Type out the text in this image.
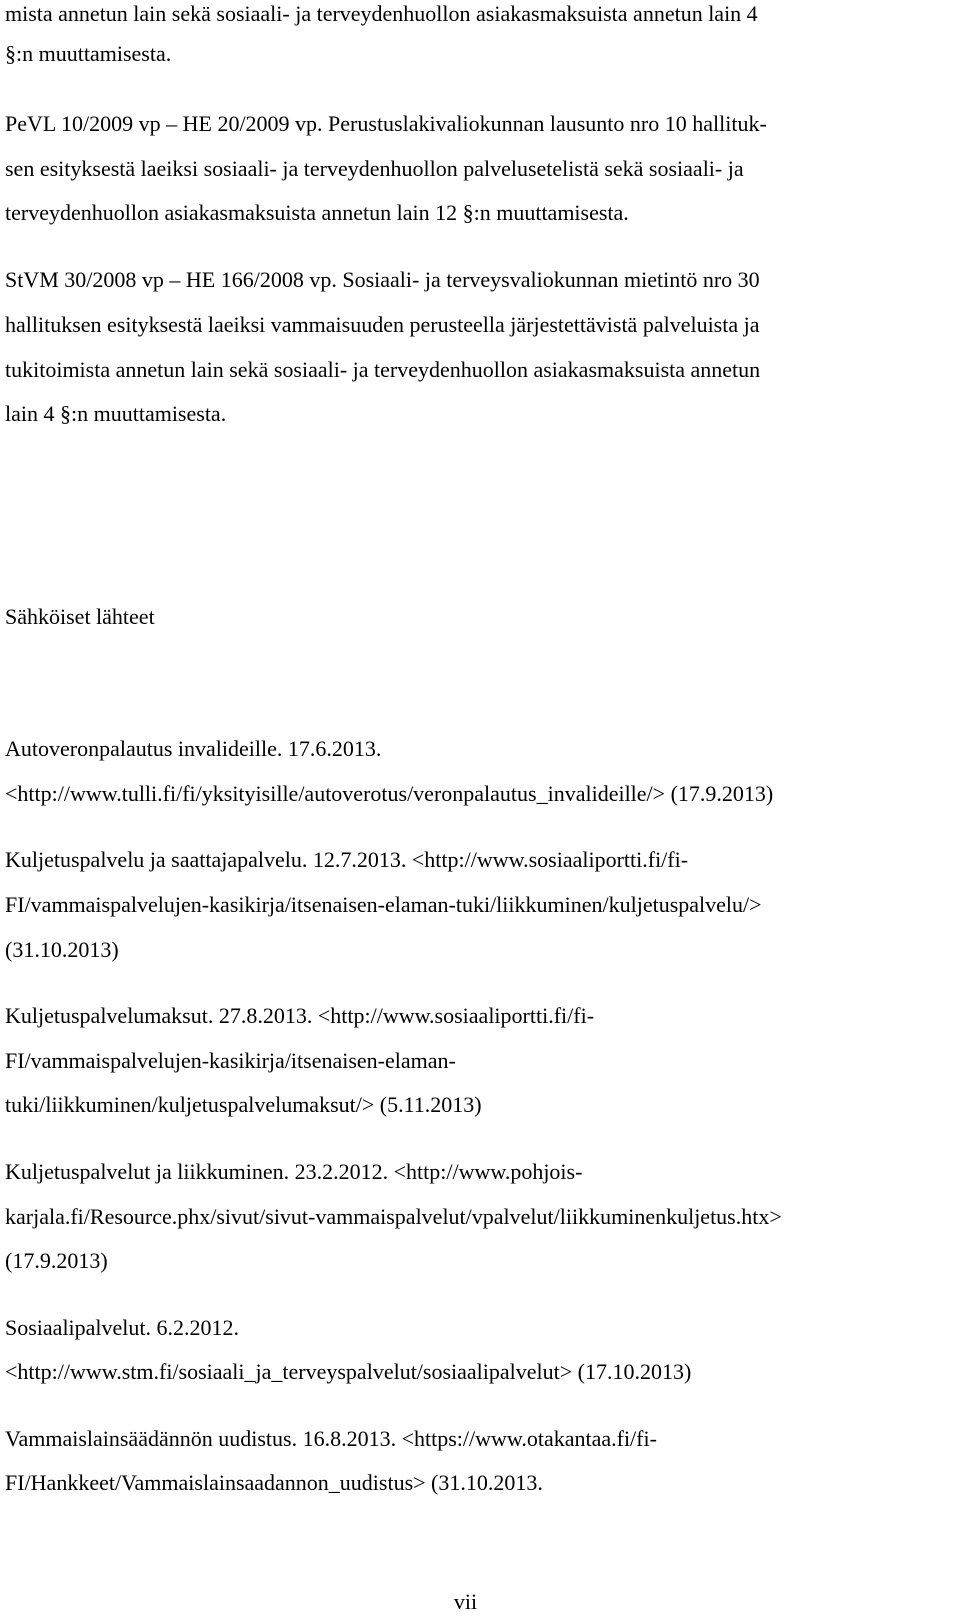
mista annetun lain sekä sosiaali- ja terveydenhuollon asiakasmaksuista annetun lain 4
§:n muuttamisesta.
PeVL 10/2009 vp – HE 20/2009 vp. Perustuslakivaliokunnan lausunto nro 10 hallituk-
sen esityksestä laeiksi sosiaali- ja terveydenhuollon palvelusetelistä sekä sosiaali- ja
terveydenhuollon asiakasmaksuista annetun lain 12 §:n muuttamisesta.
StVM 30/2008 vp – HE 166/2008 vp. Sosiaali- ja terveysvaliokunnan mietintö nro 30
hallituksen esityksestä laeiksi vammaisuuden perusteella järjestettävistä palveluista ja
tukitoimista annetun lain sekä sosiaali- ja terveydenhuollon asiakasmaksuista annetun
lain 4 §:n muuttamisesta.
Sähköiset lähteet
Autoveronpalautus invalideille. 17.6.2013.
<http://www.tulli.fi/fi/yksityisille/autoverotus/veronpalautus_invalideille/> (17.9.2013)
Kuljetuspalvelu ja saattajapalvelu. 12.7.2013. <http://www.sosiaaliportti.fi/fi-
FI/vammaispalvelujen-kasikirja/itsenaisen-elaman-tuki/liikkuminen/kuljetuspalvelu/>
(31.10.2013)
Kuljetuspalvelumaksut. 27.8.2013. <http://www.sosiaaliportti.fi/fi-
FI/vammaispalvelujen-kasikirja/itsenaisen-elaman-
tuki/liikkuminen/kuljetuspalvelumaksut/> (5.11.2013)
Kuljetuspalvelut ja liikkuminen. 23.2.2012. <http://www.pohjois-
karjala.fi/Resource.phx/sivut/sivut-vammaispalvelut/vpalvelut/liikkuminenkuljetus.htx>
(17.9.2013)
Sosiaalipalvelut. 6.2.2012.
<http://www.stm.fi/sosiaali_ja_terveyspalvelut/sosiaalipalvelut> (17.10.2013)
Vammaislainsäädännön uudistus. 16.8.2013. <https://www.otakantaa.fi/fi-
FI/Hankkeet/Vammaislainsaadannon_uudistus> (31.10.2013.
vii
